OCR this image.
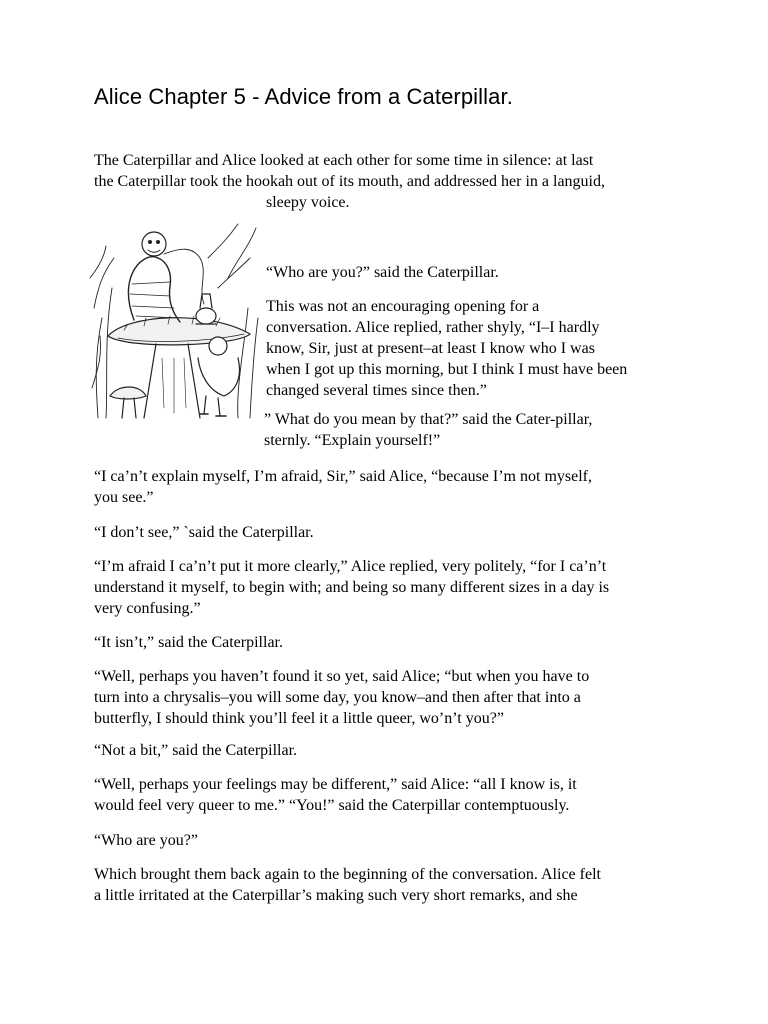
Alice Chapter 5 - Advice from a Caterpillar.

The Caterpillar and Alice looked at each other for some time in silence: at last
the Caterpillar took the hookah out of its mouth, and addressed her in a languid,
sleepy voice.

“Who are you?” said the Caterpillar.

This was not an encouraging opening for a
conversation. Alice replied, rather shyly, “I–I hardly
know, Sir, just at present–at least I know who I was
when I got up this morning, but I think I must have been
changed several times since then.”

” What do you mean by that?” said the Cater-pillar,
sternly. “Explain yourself!”

“I ca’n’t explain myself, I’m afraid, Sir,” said Alice, “because I’m not myself,
you see.”

“I don’t see,” `said the Caterpillar.

“I’m afraid I ca’n’t put it more clearly,” Alice replied, very politely, “for I ca’n’t
understand it myself, to begin with; and being so many different sizes in a day is
very confusing.”

“It isn’t,” said the Caterpillar.

“Well, perhaps you haven’t found it so yet, said Alice; “but when you have to
turn into a chrysalis–you will some day, you know–and then after that into a
butterfly, I should think you’ll feel it a little queer, wo’n’t you?”

“Not a bit,” said the Caterpillar.

“Well, perhaps your feelings may be different,” said Alice: “all I know is, it
would feel very queer to me.” “You!” said the Caterpillar contemptuously.

“Who are you?”

Which brought them back again to the beginning of the conversation. Alice felt
a little irritated at the Caterpillar’s making such very short remarks, and she
